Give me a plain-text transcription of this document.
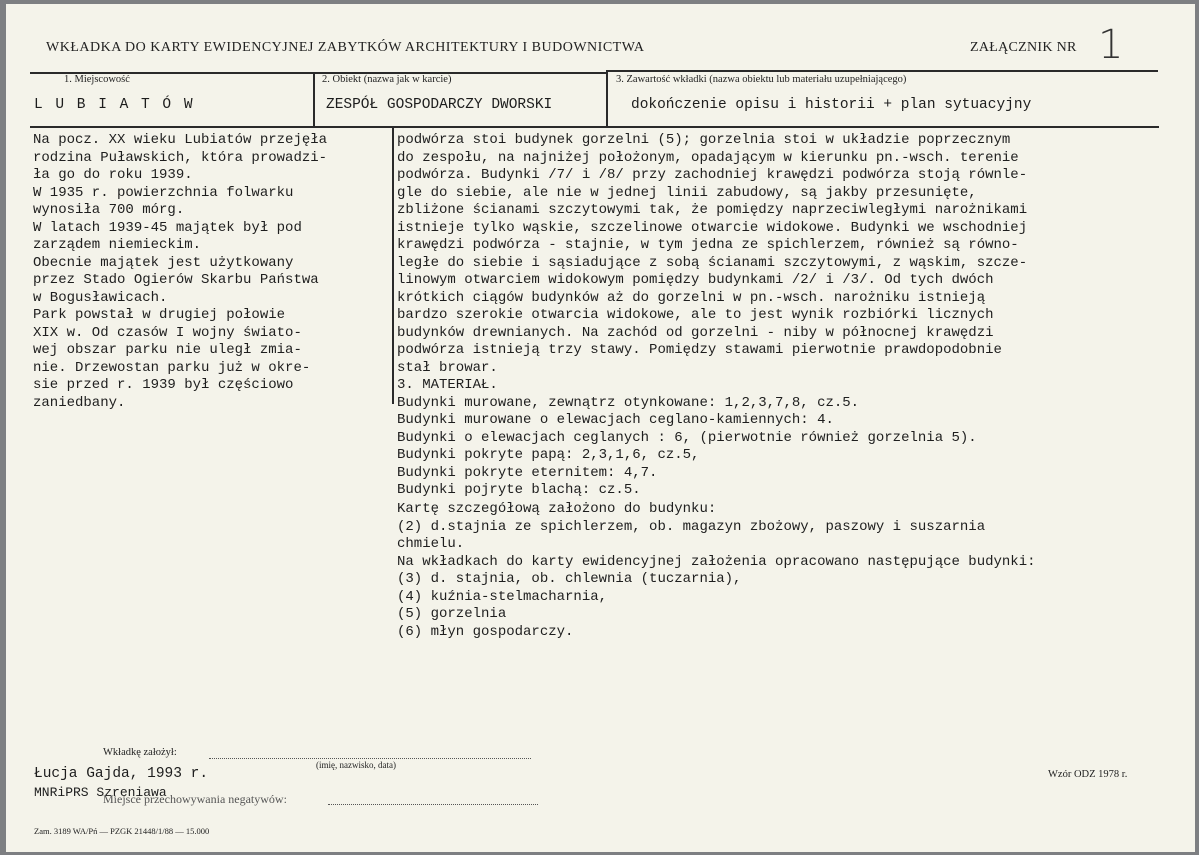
WKŁADKA DO KARTY EWIDENCYJNEJ ZABYTKÓW ARCHITEKTURY I BUDOWNICTWA	ZAŁĄCZNIK NR 1
1. Miejscowość	2. Obiekt (nazwa jak w karcie)	3. Zawartość wkładki (nazwa obiektu lub materiału uzupełniającego)
L U B I A T Ó W	ZESPÓŁ GOSPODARCZY DWORSKI	dokończenie opisu i historii + plan sytuacyjny
Na pocz. XX wieku Lubiatów przejęła
rodzina Puławskich, która prowadzi-
ła go do roku 1939.
W 1935 r. powierzchnia folwarku
wynosiła 700 mórg.
W latach 1939-45 majątek był pod
zarządem niemieckim.
Obecnie majątek jest użytkowany
przez Stado Ogierów Skarbu Państwa
w Bogusławicach.
Park powstał w drugiej połowie
XIX w. Od czasów I wojny świato-
wej obszar parku nie uległ zmia-
nie. Drzewostan parku już w okre-
sie przed r. 1939 był częściowo
zaniedbany.
podwórza stoi budynek gorzelni (5); gorzelnia stoi w układzie poprzecznym
do zespołu, na najniżej położonym, opadającym w kierunku pn.-wsch. terenie
podwórza. Budynki /7/ i /8/ przy zachodniej krawędzi podwórza stoją równle-
gle do siebie, ale nie w jednej linii zabudowy, są jakby przesunięte,
zbliżone ścianami szczytowymi tak, że pomiędzy naprzeciwległymi narożnikami
istnieje tylko wąskie, szczelinowe otwarcie widokowe. Budynki we wschodniej
krawędzi podwórza - stajnie, w tym jedna ze spichlerzem, również są równo-
ległe do siebie i sąsiadujące z sobą ścianami szczytowymi, z wąskim, szcze-
linowym otwarciem widokowym pomiędzy budynkami /2/ i /3/. Od tych dwóch
krótkich ciągów budynków aż do gorzelni w pn.-wsch. narożniku istnieją
bardzo szerokie otwarcia widokowe, ale to jest wynik rozbiórki licznych
budynków drewnianych. Na zachód od gorzelni - niby w północnej krawędzi
podwórza istnieją trzy stawy. Pomiędzy stawami pierwotnie prawdopodobnie
stał browar.
3. MATERIAŁ.
Budynki murowane, zewnątrz otynkowane: 1,2,3,7,8, cz.5.
Budynki murowane o elewacjach ceglano-kamiennych: 4.
Budynki o elewacjach ceglanych : 6, (pierwotnie również gorzelnia 5).
Budynki pokryte papą: 2,3,1,6, cz.5,
Budynki pokryte eternitem: 4,7.
Budynki pojryte blachą: cz.5.
Kartę szczegółową założono do budynku:
(2) d.stajnia ze spichlerzem, ob. magazyn zbożowy, paszowy i suszarnia
chmielu.
Na wkładkach do karty ewidencyjnej założenia opracowano następujące budynki:
(3) d. stajnia, ob. chlewnia (tuczarnia),
(4) kuźnia-stelmacharnia,
(5) gorzelnia
(6) młyn gospodarczy.
Wkładkę założył:
(imię, nazwisko, data)
Łucja Gajda, 1993 r.
MNRiPRS Szreniawa
Miejsce przechowywania negatywów:
Wzór ODZ 1978 r.
Zam. 3189 WA/Pń — PZGK 21448/1/88 — 15.000
